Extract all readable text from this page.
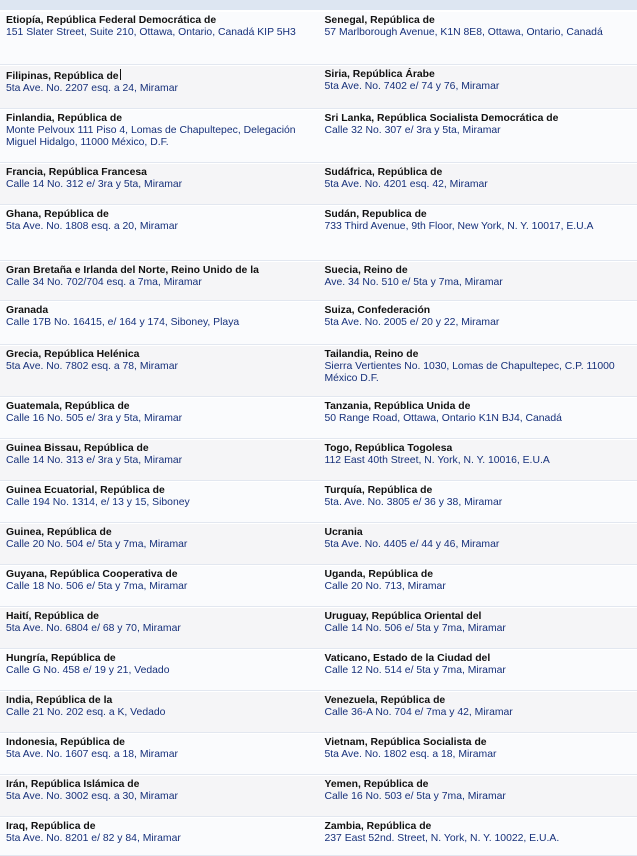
Etiopía, República Federal Democrática de
151 Slater Street, Suite 210, Ottawa, Ontario, Canadá KIP 5H3
Senegal, República de
57 Marlborough Avenue, K1N 8E8, Ottawa, Ontario, Canadá
Filipinas, República de
5ta Ave. No. 2207 esq. a 24, Miramar
Siria, República Árabe
5ta Ave. No. 7402 e/ 74 y 76, Miramar
Finlandia, República de
Monte Pelvoux 111 Piso 4, Lomas de Chapultepec, Delegación Miguel Hidalgo, 11000 México, D.F.
Sri Lanka, República Socialista Democrática de
Calle 32 No. 307 e/ 3ra y 5ta, Miramar
Francia, República Francesa
Calle 14 No. 312 e/ 3ra y 5ta, Miramar
Sudáfrica, República de
5ta Ave. No. 4201 esq. 42, Miramar
Ghana, República de
5ta Ave. No. 1808 esq. a 20, Miramar
Sudán, Republica de
733 Third Avenue, 9th Floor, New York, N. Y. 10017, E.U.A
Gran Bretaña e Irlanda del Norte, Reino Unido de la
Calle 34 No. 702/704 esq. a 7ma, Miramar
Suecia, Reino de
Ave. 34 No. 510 e/ 5ta y 7ma, Miramar
Granada
Calle 17B No. 16415, e/ 164 y 174, Siboney, Playa
Suiza, Confederación
5ta Ave. No. 2005 e/ 20 y 22, Miramar
Grecia, República Helénica
5ta Ave. No. 7802 esq. a 78, Miramar
Tailandia, Reino de
Sierra Vertientes No. 1030, Lomas de Chapultepec, C.P. 11000 México D.F.
Guatemala, República de
Calle 16 No. 505 e/ 3ra y 5ta, Miramar
Tanzania, República Unida de
50 Range Road, Ottawa, Ontario K1N BJ4, Canadá
Guinea Bissau, República de
Calle 14 No. 313 e/ 3ra y 5ta, Miramar
Togo, República Togolesa
112 East 40th Street, N. York, N. Y. 10016, E.U.A
Guinea Ecuatorial, República de
Calle 194 No. 1314, e/ 13 y 15, Siboney
Turquía, República de
5ta. Ave. No. 3805 e/ 36 y 38, Miramar
Guinea, República de
Calle 20 No. 504 e/ 5ta y 7ma, Miramar
Ucrania
5ta Ave. No. 4405 e/ 44 y 46, Miramar
Guyana, República Cooperativa de
Calle 18 No. 506 e/ 5ta y 7ma, Miramar
Uganda, República de
Calle 20 No. 713, Miramar
Haití, República de
5ta Ave. No. 6804 e/ 68 y 70, Miramar
Uruguay, República Oriental del
Calle 14 No. 506 e/ 5ta y 7ma, Miramar
Hungría, República de
Calle G No. 458 e/ 19 y 21, Vedado
Vaticano, Estado de la Ciudad del
Calle 12 No. 514 e/ 5ta y 7ma, Miramar
India, República de la
Calle 21 No. 202 esq. a K, Vedado
Venezuela, República de
Calle 36-A No. 704 e/ 7ma y 42, Miramar
Indonesia, República de
5ta Ave. No. 1607 esq. a 18, Miramar
Vietnam, República Socialista de
5ta Ave. No. 1802 esq. a 18, Miramar
Irán, República Islámica de
5ta Ave. No. 3002 esq. a 30, Miramar
Yemen, República de
Calle 16 No. 503 e/ 5ta y 7ma, Miramar
Iraq, República de
5ta Ave. No. 8201 e/ 82 y 84, Miramar
Zambia, República de
237 East 52nd. Street, N. York, N. Y. 10022, E.U.A.
